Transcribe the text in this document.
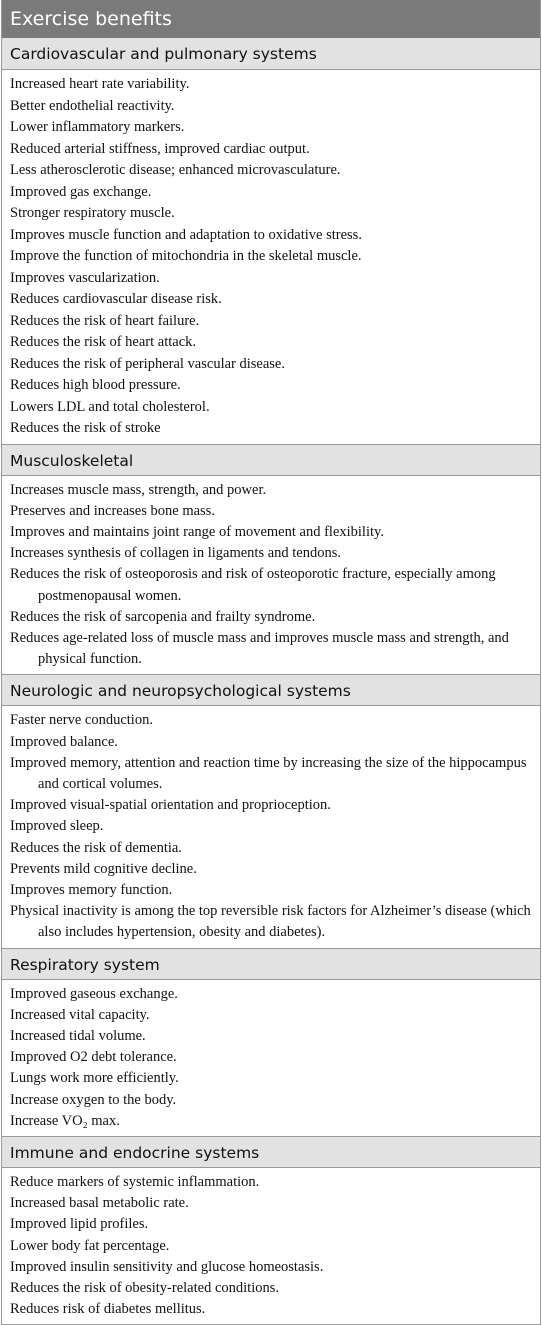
Exercise benefits
Cardiovascular and pulmonary systems
Increased heart rate variability.
Better endothelial reactivity.
Lower inflammatory markers.
Reduced arterial stiffness, improved cardiac output.
Less atherosclerotic disease; enhanced microvasculature.
Improved gas exchange.
Stronger respiratory muscle.
Improves muscle function and adaptation to oxidative stress.
Improve the function of mitochondria in the skeletal muscle.
Improves vascularization.
Reduces cardiovascular disease risk.
Reduces the risk of heart failure.
Reduces the risk of heart attack.
Reduces the risk of peripheral vascular disease.
Reduces high blood pressure.
Lowers LDL and total cholesterol.
Reduces the risk of stroke
Musculoskeletal
Increases muscle mass, strength, and power.
Preserves and increases bone mass.
Improves and maintains joint range of movement and flexibility.
Increases synthesis of collagen in ligaments and tendons.
Reduces the risk of osteoporosis and risk of osteoporotic fracture, especially among postmenopausal women.
Reduces the risk of sarcopenia and frailty syndrome.
Reduces age-related loss of muscle mass and improves muscle mass and strength, and physical function.
Neurologic and neuropsychological systems
Faster nerve conduction.
Improved balance.
Improved memory, attention and reaction time by increasing the size of the hippocampus and cortical volumes.
Improved visual-spatial orientation and proprioception.
Improved sleep.
Reduces the risk of dementia.
Prevents mild cognitive decline.
Improves memory function.
Physical inactivity is among the top reversible risk factors for Alzheimer’s disease (which also includes hypertension, obesity and diabetes).
Respiratory system
Improved gaseous exchange.
Increased vital capacity.
Increased tidal volume.
Improved O2 debt tolerance.
Lungs work more efficiently.
Increase oxygen to the body.
Increase VO₂ max.
Immune and endocrine systems
Reduce markers of systemic inflammation.
Increased basal metabolic rate.
Improved lipid profiles.
Lower body fat percentage.
Improved insulin sensitivity and glucose homeostasis.
Reduces the risk of obesity-related conditions.
Reduces risk of diabetes mellitus.
